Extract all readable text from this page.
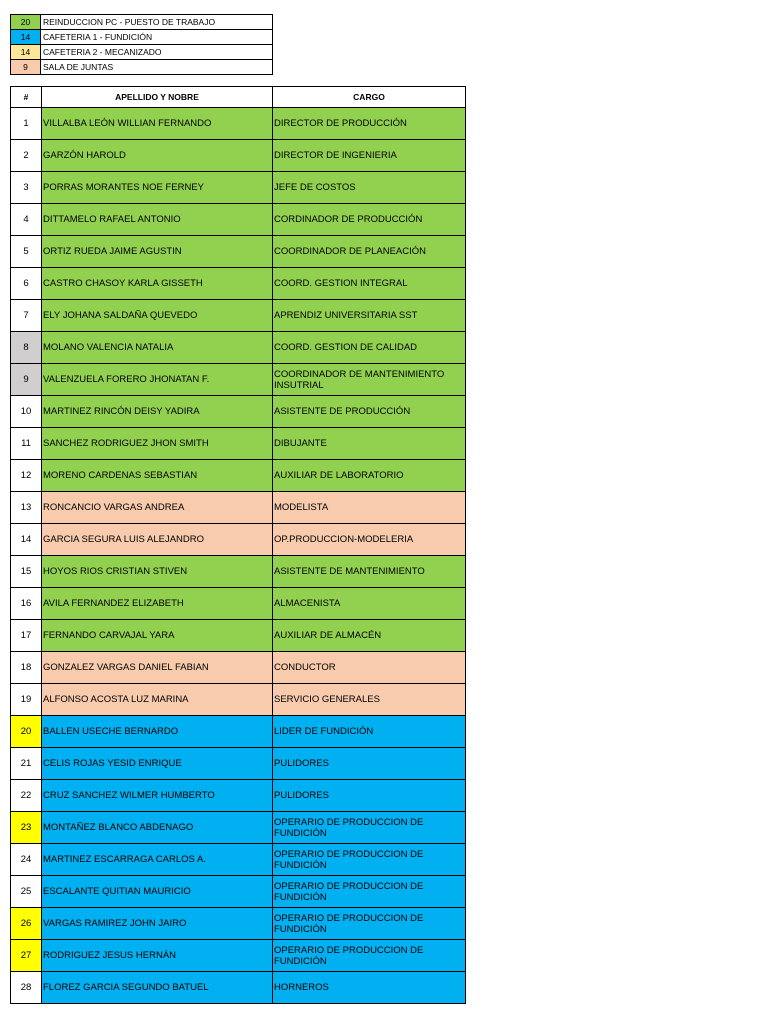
20	REINDUCCION PC - PUESTO DE TRABAJO
14	CAFETERIA 1 - FUNDICIÓN
14	CAFETERIA 2 - MECANIZADO
9	SALA DE JUNTAS
#	APELLIDO Y NOBRE	CARGO
1	VILLALBA LEÓN WILLIAN FERNANDO	DIRECTOR DE PRODUCCIÓN
2	GARZÓN HAROLD	DIRECTOR DE INGENIERIA
3	PORRAS MORANTES NOE FERNEY	JEFE DE COSTOS
4	DITTAMELO RAFAEL ANTONIO	CORDINADOR DE PRODUCCIÓN
5	ORTIZ RUEDA JAIME AGUSTIN	COORDINADOR DE PLANEACIÓN
6	CASTRO CHASOY KARLA GISSETH	COORD. GESTION INTEGRAL
7	ELY JOHANA SALDAÑA QUEVEDO	APRENDIZ UNIVERSITARIA SST
8	MOLANO VALENCIA NATALIA	COORD. GESTION DE CALIDAD
9	VALENZUELA FORERO JHONATAN F.	COORDINADOR DE MANTENIMIENTO INSUTRIAL
10	MARTINEZ RINCÓN DEISY YADIRA	ASISTENTE DE PRODUCCIÓN
11	SANCHEZ RODRIGUEZ JHON SMITH	DIBUJANTE
12	MORENO CARDENAS SEBASTIAN	AUXILIAR DE LABORATORIO
13	RONCANCIO VARGAS ANDREA	MODELISTA
14	GARCIA SEGURA LUIS ALEJANDRO	OP.PRODUCCION-MODELERIA
15	HOYOS RIOS CRISTIAN STIVEN	ASISTENTE DE MANTENIMIENTO
16	AVILA FERNANDEZ ELIZABETH	ALMACENISTA
17	FERNANDO CARVAJAL YARA	AUXILIAR DE ALMACÉN
18	GONZALEZ VARGAS DANIEL FABIAN	CONDUCTOR
19	ALFONSO ACOSTA LUZ MARINA	SERVICIO GENERALES
20	BALLEN USECHE BERNARDO	LIDER DE FUNDICIÓN
21	CELIS ROJAS YESID ENRIQUE	PULIDORES
22	CRUZ SANCHEZ WILMER HUMBERTO	PULIDORES
23	MONTAÑEZ BLANCO ABDENAGO	OPERARIO DE PRODUCCION DE FUNDICIÓN
24	MARTINEZ ESCARRAGA CARLOS A.	OPERARIO DE PRODUCCION DE FUNDICIÓN
25	ESCALANTE QUITIAN MAURICIO	OPERARIO DE PRODUCCION DE FUNDICIÓN
26	VARGAS RAMIREZ JOHN JAIRO	OPERARIO DE PRODUCCION DE FUNDICIÓN
27	RODRIGUEZ JESUS HERNÁN	OPERARIO DE PRODUCCION DE FUNDICIÓN
28	FLOREZ GARCIA SEGUNDO BATUEL	HORNEROS
